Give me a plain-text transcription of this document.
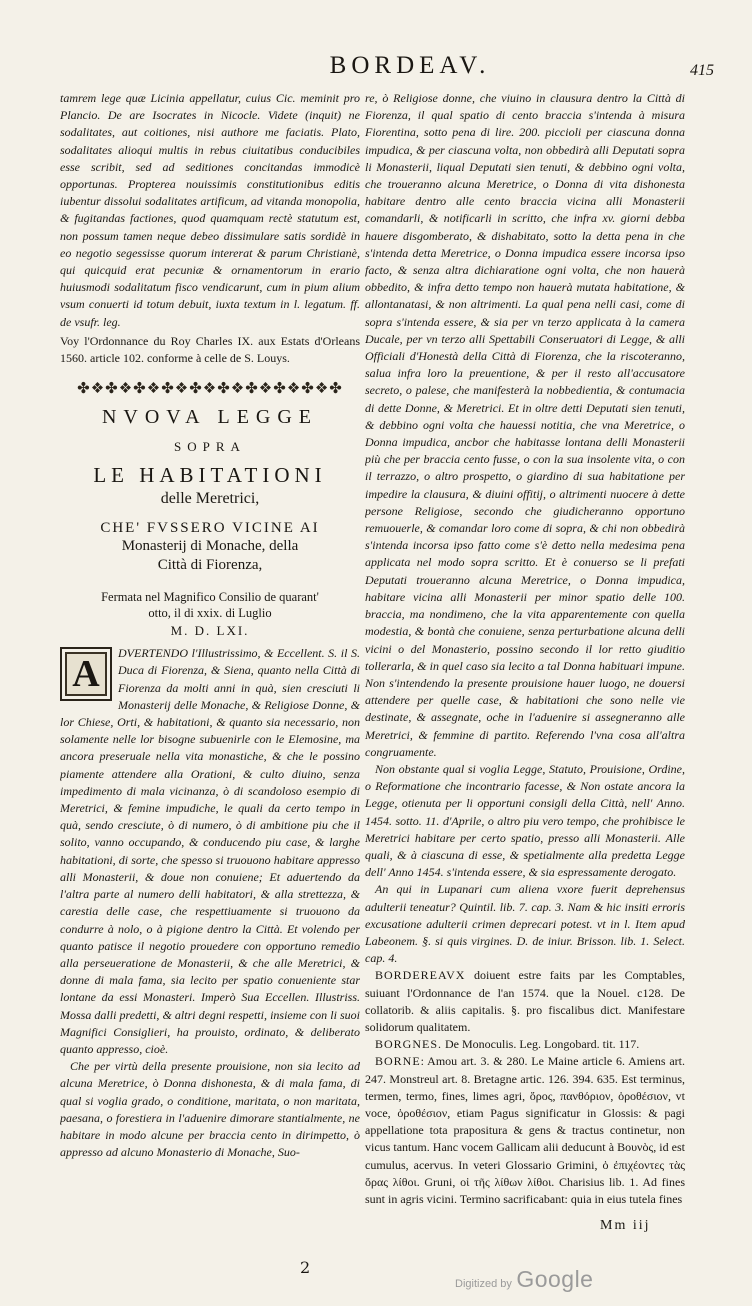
BORDEAV.	415

tamrem lege quæ Licinia appellatur, cuius Cic. meminit pro Plancio. De are Isocrates in Nicocle. Videte (inquit) ne sodalitates, aut coitiones, nisi authore me faciatis. Plato, sodalitates alioqui multis in rebus ciuitatibus conducibiles esse scribit, sed ad seditiones concitandas immodicè opportunas. Propterea nouissimis constitutionibus editis iubentur dissolui sodalitates artificum, ad vitanda monopolia, & fugitandas factiones, quod quamquam rectè statutum est, non possum tamen neque debeo dissimulare satis sordidè in eo negotio segessisse quorum intererat & parum Christianè, qui quicquid erat pecuniæ & ornamentorum in erario huiusmodi sodalitatum fisco vendicarunt, cum in pium alium vsum conuerti id totum debuit, iuxta textum in l. legatum. ff. de vsufr. leg.

Voy l'Ordonnance du Roy Charles IX. aux Estats d'Orleans 1560. article 102. conforme à celle de S. Louys.

✤❖✤❖✤❖✤❖✤❖✤❖✤❖✤❖✤❖✤
NVOVA LEGGE
SOPRA
LE HABITATIONI
delle Meretrici,
CHE' FVSSERO VICINE AI
Monasterij di Monache, della
Città di Fiorenza,
Fermata nel Magnifico Consilio de quarant'
otto, il di xxix. di Luglio
M. D. LXI.
A	DVERTENDO l'Illustrissimo, & Eccellent. S. il S. Duca di Fiorenza, & Siena, quanto nella Città di Fiorenza da molti anni in quà, sien cresciuti li Monasterij delle Monache, & Religiose Donne, & lor Chiese, Orti, & habitationi, & quanto sia necessario, non solamente nelle lor bisogne subuenirle con le Elemosine, ma ancora preseruale nella vita monastiche, & che le possino piamente attendere alla Orationi, & culto diuino, senza impedimento di mala vicinanza, ò di scandoloso esempio di Meretrici, & femine impudiche, le quali da certo tempo in quà, sendo cresciute, ò di numero, ò di ambitione piu che il solito, vanno occupando, & conducendo piu case, & larghe habitationi, di sorte, che spesso si truouono habitare appresso alli Monasterii, & doue non conuiene; Et aduertendo da l'altra parte al numero delli habitatori, & alla strettezza, & carestia delle case, che respettiuamente si truouono da condurre à nolo, o à pigione dentro la Città. Et volendo per quanto patisce il negotio prouedere con opportuno remedio alla perseueratione de Monasterii, & che alle Meretrici, & donne di mala fama, sia lecito per spatio conueniente star lontane da essi Monasteri. Imperò Sua Eccellen. Illustriss. Mossa dalli predetti, & altri degni respetti, insieme con li suoi Magnifici Consiglieri, ha prouisto, ordinato, & deliberato quanto appresso, cioè.

Che per virtù della presente prouisione, non sia lecito ad alcuna Meretrice, ò Donna dishonesta, & di mala fama, di qual si voglia grado, o conditione, maritata, o non maritata, paesana, o forestiera in l'aduenire dimorare stantialmente, ne habitare in modo alcune per braccia cento in dirimpetto, ò appresso ad alcuno Monasterio di Monache, Suo-

re, ò Religiose donne, che viuino in clausura dentro la Città di Fiorenza, il qual spatio di cento braccia s'intenda à misura Fiorentina, sotto pena di lire. 200. piccioli per ciascuna donna impudica, & per ciascuna volta, non obbedirà alli Deputati sopra li Monasterii, liqual Deputati sien tenuti, & debbino ogni volta, che troueranno alcuna Meretrice, o Donna di vita dishonesta habitare dentro alle cento braccia vicina alli Monasterii comandarli, & notificarli in scritto, che infra xv. giorni debba hauere disgomberato, & dishabitato, sotto la detta pena in che s'intenda detta Meretrice, o Donna impudica essere incorsa ipso facto, & senza altra dichiaratione ogni volta, che non hauerà obbedito, & infra detto tempo non hauerà mutata habitatione, & allontanatasi, & non altrimenti. La qual pena nelli casi, come di sopra s'intenda essere, & sia per vn terzo applicata à la camera Ducale, per vn terzo alli Spettabili Conseruatori di Legge, & alli Officiali d'Honestà della Città di Fiorenza, che la riscoteranno, salua infra loro la preuentione, & per il resto all'accusatore secreto, o palese, che manifesterà la nobbedientia, & contumacia di dette Donne, & Meretrici. Et in oltre detti Deputati sien tenuti, & debbino ogni volta che hauessi notitia, che vna Meretrice, o Donna impudica, ancbor che habitasse lontana delli Monasterii più che per braccia cento fusse, o con la sua insolente vita, o con il terrazzo, o altro prospetto, o giardino di sua habitatione per impedire la clausura, & diuini offitij, o altrimenti nuocere à dette persone Religiose, secondo che giudicheranno opportuno remuouerle, & comandar loro come di sopra, & chi non obbedirà s'intenda incorsa ipso fatto come s'è detto nella medesima pena applicata nel modo sopra scritto. Et è conuerso se li prefati Deputati troueranno alcuna Meretrice, o Donna impudica, habitare vicina alli Monasterii per minor spatio delle 100. braccia, ma nondimeno, che la vita apparentemente con quella modestia, & bontà che conuiene, senza perturbatione alcuna delli vicini o del Monasterio, possino secondo il lor retto giuditio tollerarla, & in quel caso sia lecito a tal Donna habituari impune. Non s'intendendo la presente prouisione hauer luogo, ne douersi attendere per quelle case, & habitationi che sono nelle vie destinate, & assegnate, oche in l'aduenire si assegneranno alle Meretrici, & femmine di partito. Referendo l'vna cosa all'altra congruamente.

Non obstante qual si voglia Legge, Statuto, Prouisione, Ordine, o Reformatione che incontrario facesse, & Non ostate ancora la Legge, otienuta per li opportuni consigli della Città, nell' Anno. 1454. sotto. 11. d'Aprile, o altro piu vero tempo, che prohibisce le Meretrici habitare per certo spatio, presso alli Monasterii. Alle quali, & à ciascuna di esse, & spetialmente alla predetta Legge dell' Anno 1454. s'intenda essere, & sia espressamente derogato.

An qui in Lupanari cum aliena vxore fuerit deprehensus adulterii teneatur? Quintil. lib. 7. cap. 3. Nam & hic insiti erroris excusatione adulterii crimen deprecari potest. vt in l. Item apud Labeonem. §. si quis virgines. D. de iniur. Brisson. lib. 1. Select. cap. 4.

BORDEREAVX doiuent estre faits par les Comptables, suiuant l'Ordonnance de l'an 1574. que la Nouel. c128. De collatorib. & aliis capitalis. §. pro fiscalibus dict. Manifestare solidorum qualitatem.

BORGNES. De Monoculis. Leg. Longobard. tit. 117.

BORNE: Amou art. 3. & 280. Le Maine article 6. Amiens art. 247. Monstreul art. 8. Bretagne artic. 126. 394. 635. Est terminus, termen, termo, fines, limes agri, ὅρος, πανθόριον, ὁροθέσιον, vt voce, ὁροθέσιον, etiam Pagus significatur in Glossis: & pagi appellatione tota prapositura & gens & tractus continetur, non vicus tantum. Hanc vocem Gallicam alii deducunt à Βουνὸς, id est cumulus, acervus. In veteri Glossario Grimini, ὁ ἐπιχέοντες τὰς ὅρας λίθοι. Gruni, οἱ τῆς λίθων λίθοι. Charisius lib. 1. Ad fines sunt in agris vicini. Termino sacrificabant: quia in eius tutela fines

Mm iij
2
Digitized by Google
